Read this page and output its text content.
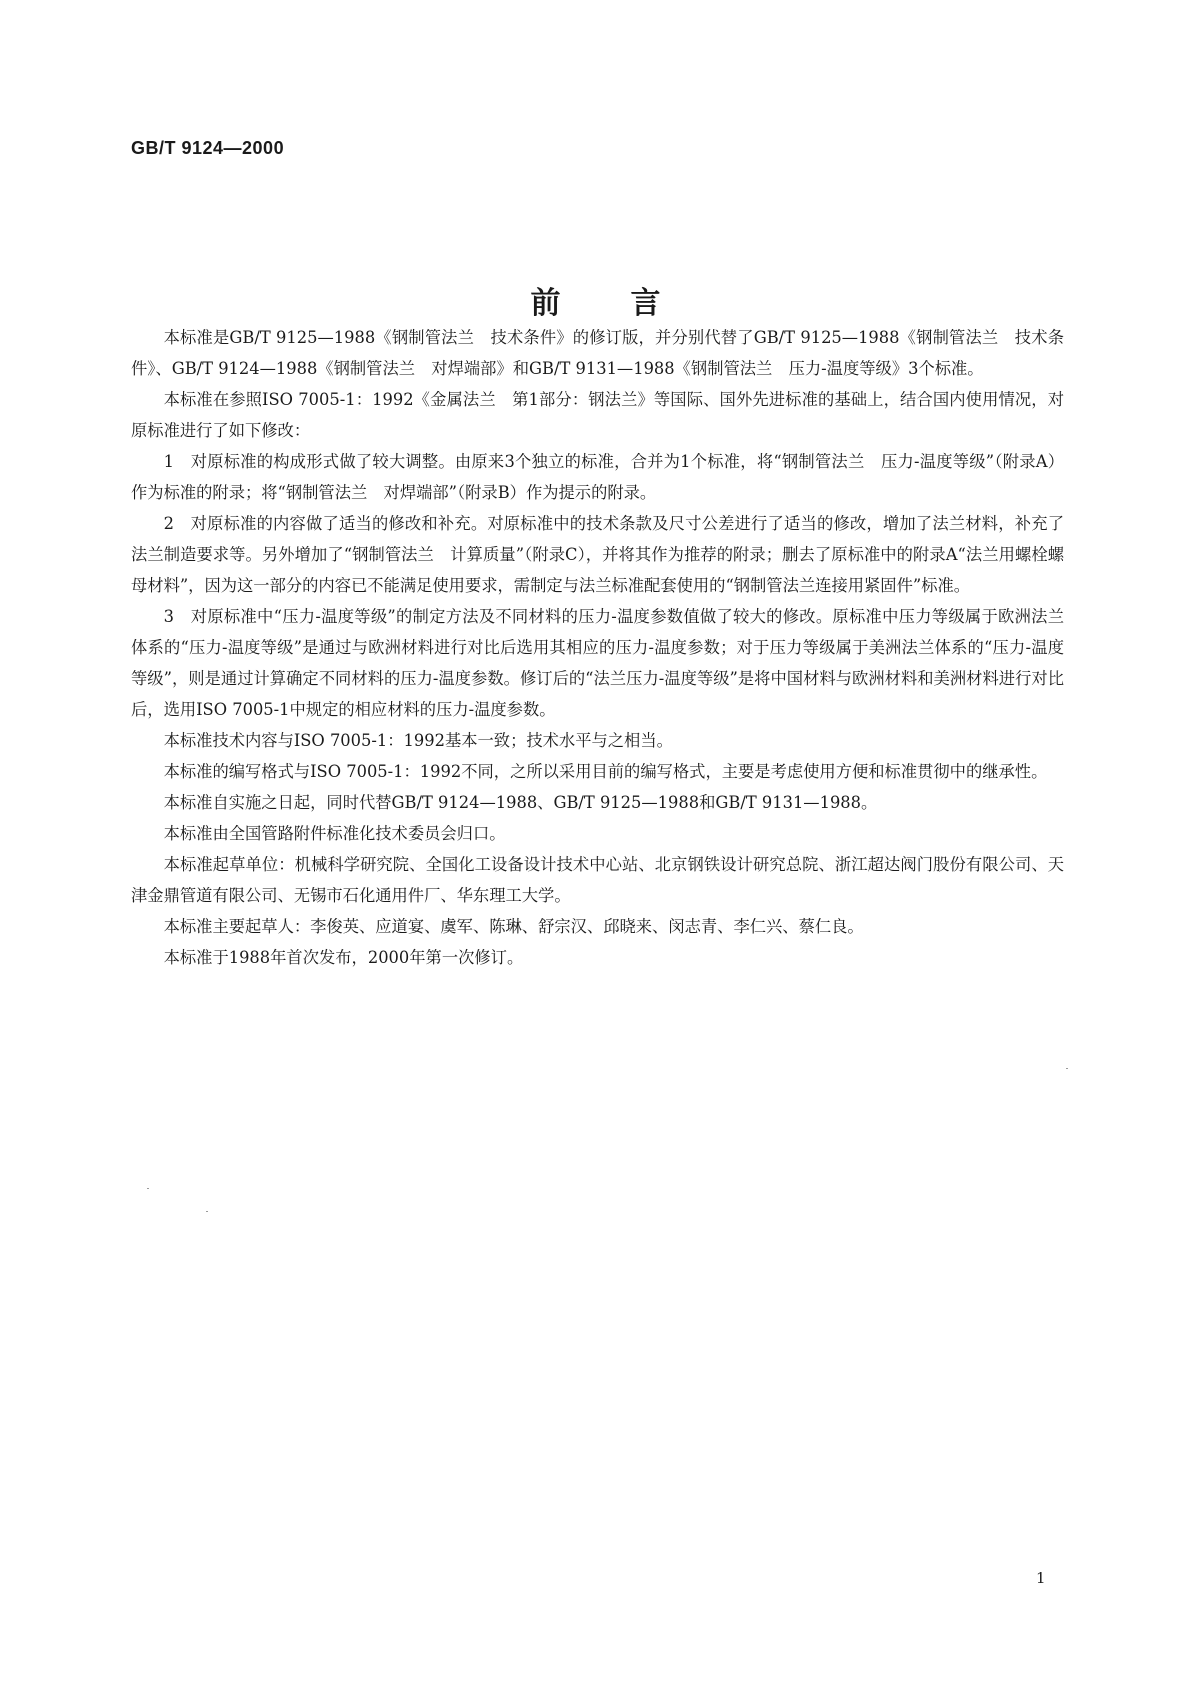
GB/T 9124—2000
前言

本标准是GB/T 9125—1988《钢制管法兰　技术条件》的修订版，并分别代替了GB/T 9125—1988《钢制管法兰　技术条件》、GB/T 9124—1988《钢制管法兰　对焊端部》和GB/T 9131—1988《钢制管法兰　压力-温度等级》3个标准。

本标准在参照ISO 7005-1：1992《金属法兰　第1部分：钢法兰》等国际、国外先进标准的基础上，结合国内使用情况，对原标准进行了如下修改：

1　对原标准的构成形式做了较大调整。由原来3个独立的标准，合并为1个标准，将“钢制管法兰　压力-温度等级”（附录A）作为标准的附录；将“钢制管法兰　对焊端部”（附录B）作为提示的附录。

2　对原标准的内容做了适当的修改和补充。对原标准中的技术条款及尺寸公差进行了适当的修改，增加了法兰材料，补充了法兰制造要求等。另外增加了“钢制管法兰　计算质量”（附录C），并将其作为推荐的附录；删去了原标准中的附录A“法兰用螺栓螺母材料”，因为这一部分的内容已不能满足使用要求，需制定与法兰标准配套使用的“钢制管法兰连接用紧固件”标准。

3　对原标准中“压力-温度等级”的制定方法及不同材料的压力-温度参数值做了较大的修改。原标准中压力等级属于欧洲法兰体系的“压力-温度等级”是通过与欧洲材料进行对比后选用其相应的压力-温度参数；对于压力等级属于美洲法兰体系的“压力-温度等级”，则是通过计算确定不同材料的压力-温度参数。修订后的“法兰压力-温度等级”是将中国材料与欧洲材料和美洲材料进行对比后，选用ISO 7005-1中规定的相应材料的压力-温度参数。

本标准技术内容与ISO 7005-1：1992基本一致；技术水平与之相当。

本标准的编写格式与ISO 7005-1：1992不同，之所以采用目前的编写格式，主要是考虑使用方便和标准贯彻中的继承性。

本标准自实施之日起，同时代替GB/T 9124—1988、GB/T 9125—1988和GB/T 9131—1988。

本标准由全国管路附件标准化技术委员会归口。

本标准起草单位：机械科学研究院、全国化工设备设计技术中心站、北京钢铁设计研究总院、浙江超达阀门股份有限公司、天津金鼎管道有限公司、无锡市石化通用件厂、华东理工大学。

本标准主要起草人：李俊英、应道宴、虞军、陈琳、舒宗汉、邱晓来、闵志青、李仁兴、蔡仁良。

本标准于1988年首次发布，2000年第一次修订。

1
